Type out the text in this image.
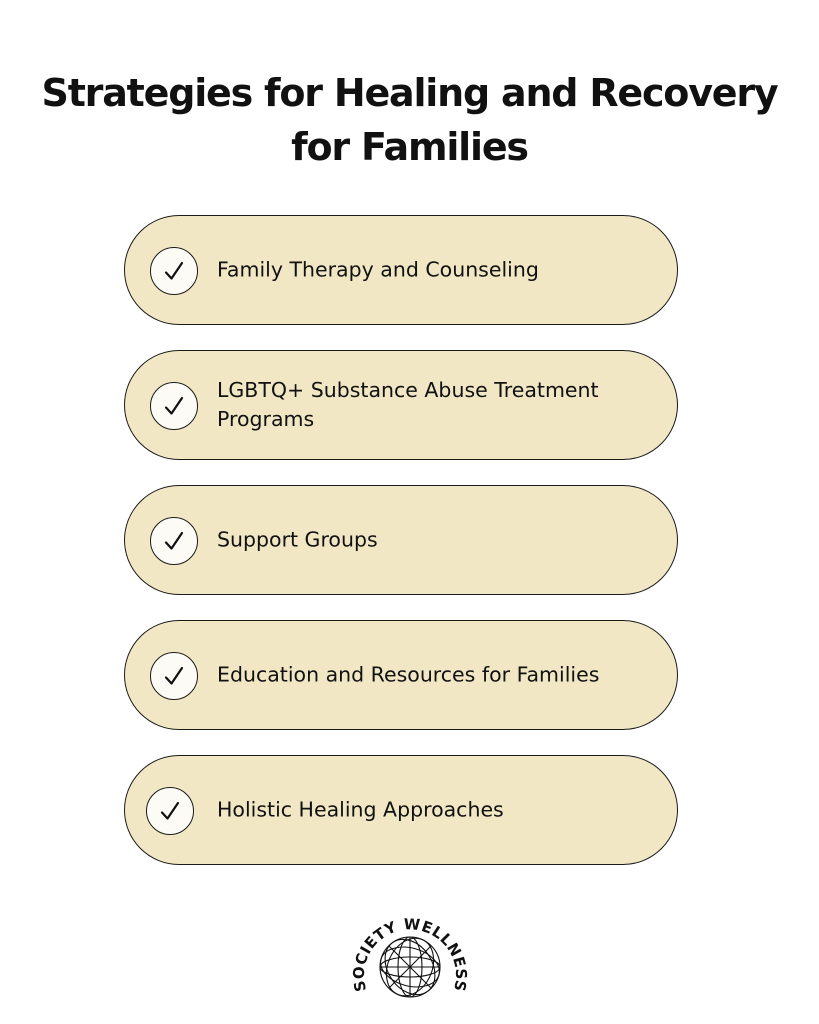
Strategies for Healing and Recovery for Families
Family Therapy and Counseling
LGBTQ+ Substance Abuse Treatment Programs
Support Groups
Education and Resources for Families
Holistic Healing Approaches
S CIETY WELLNE S
